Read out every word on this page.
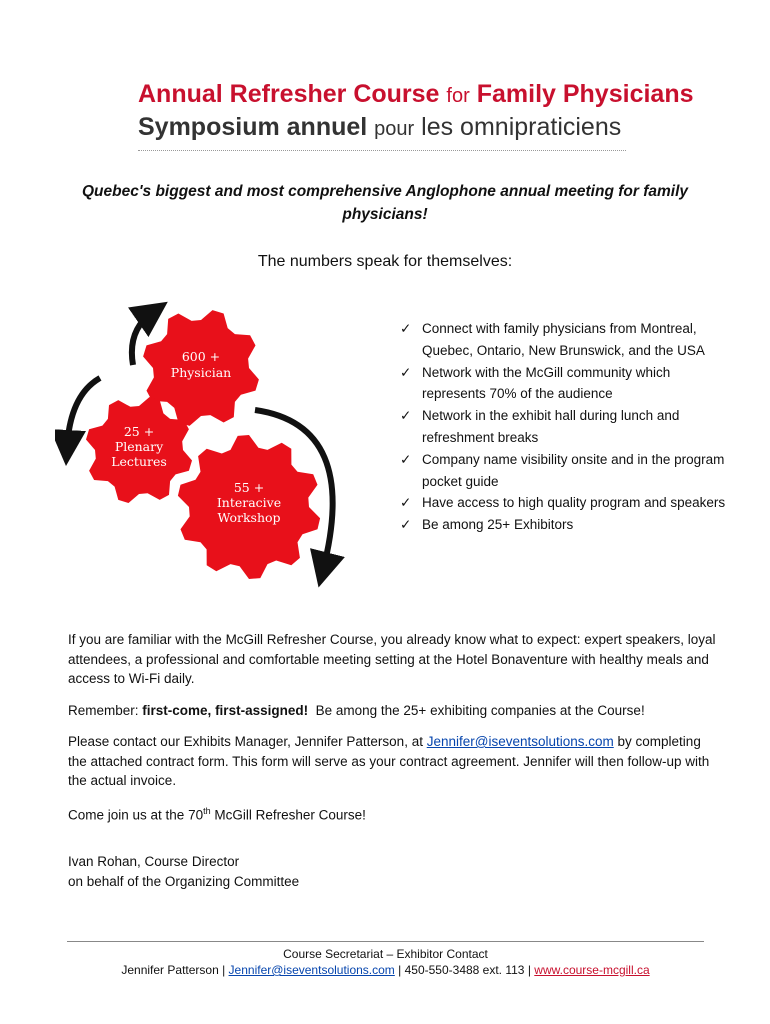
Annual Refresher Course for Family Physicians
Symposium annuel pour les omnipraticiens
Quebec's biggest and most comprehensive Anglophone annual meeting for family physicians!
The numbers speak for themselves:
600 +
Physician
25 +
Plenary
Lectures
55 +
Interacive
Workshop
✓ Connect with family physicians from Montreal, Quebec, Ontario, New Brunswick, and the USA
✓ Network with the McGill community which represents 70% of the audience
✓ Network in the exhibit hall during lunch and refreshment breaks
✓ Company name visibility onsite and in the program pocket guide
✓ Have access to high quality program and speakers
✓ Be among 25+ Exhibitors

If you are familiar with the McGill Refresher Course, you already know what to expect: expert speakers, loyal attendees, a professional and comfortable meeting setting at the Hotel Bonaventure with healthy meals and access to Wi-Fi daily.

Remember: first-come, first-assigned! Be among the 25+ exhibiting companies at the Course!

Please contact our Exhibits Manager, Jennifer Patterson, at Jennifer@iseventsolutions.com by completing the attached contract form. This form will serve as your contract agreement. Jennifer will then follow-up with the actual invoice.

Come join us at the 70th McGill Refresher Course!

Ivan Rohan, Course Director

on behalf of the Organizing Committee

Course Secretariat – Exhibitor Contact
Jennifer Patterson | Jennifer@iseventsolutions.com | 450-550-3488 ext. 113 | www.course-mcgill.ca
